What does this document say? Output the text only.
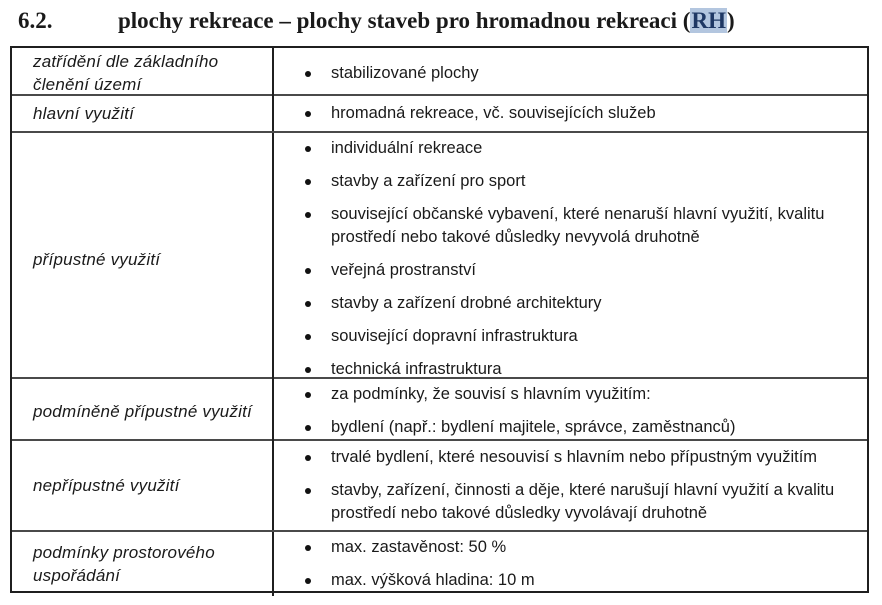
6.2.	plochy rekreace – plochy staveb pro hromadnou rekreaci (RH)
zatřídění dle základního členění území
stabilizované plochy
hlavní využití	hromadná rekreace, vč. souvisejících služeb
přípustné využití
individuální rekreace
stavby a zařízení pro sport
související občanské vybavení, které nenaruší hlavní využití, kvalitu prostředí nebo takové důsledky nevyvolá druhotně
veřejná prostranství
stavby a zařízení drobné architektury
související dopravní infrastruktura
technická infrastruktura
podmíněně přípustné využití
za podmínky, že souvisí s hlavním využitím:
bydlení (např.: bydlení majitele, správce, zaměstnanců)
nepřípustné využití
trvalé bydlení, které nesouvisí s hlavním nebo přípustným využitím
stavby, zařízení, činnosti a děje, které narušují hlavní využití a kvalitu prostředí nebo takové důsledky vyvolávají druhotně
podmínky prostorového uspořádání
max. zastavěnost: 50 %
max. výšková hladina: 10 m
